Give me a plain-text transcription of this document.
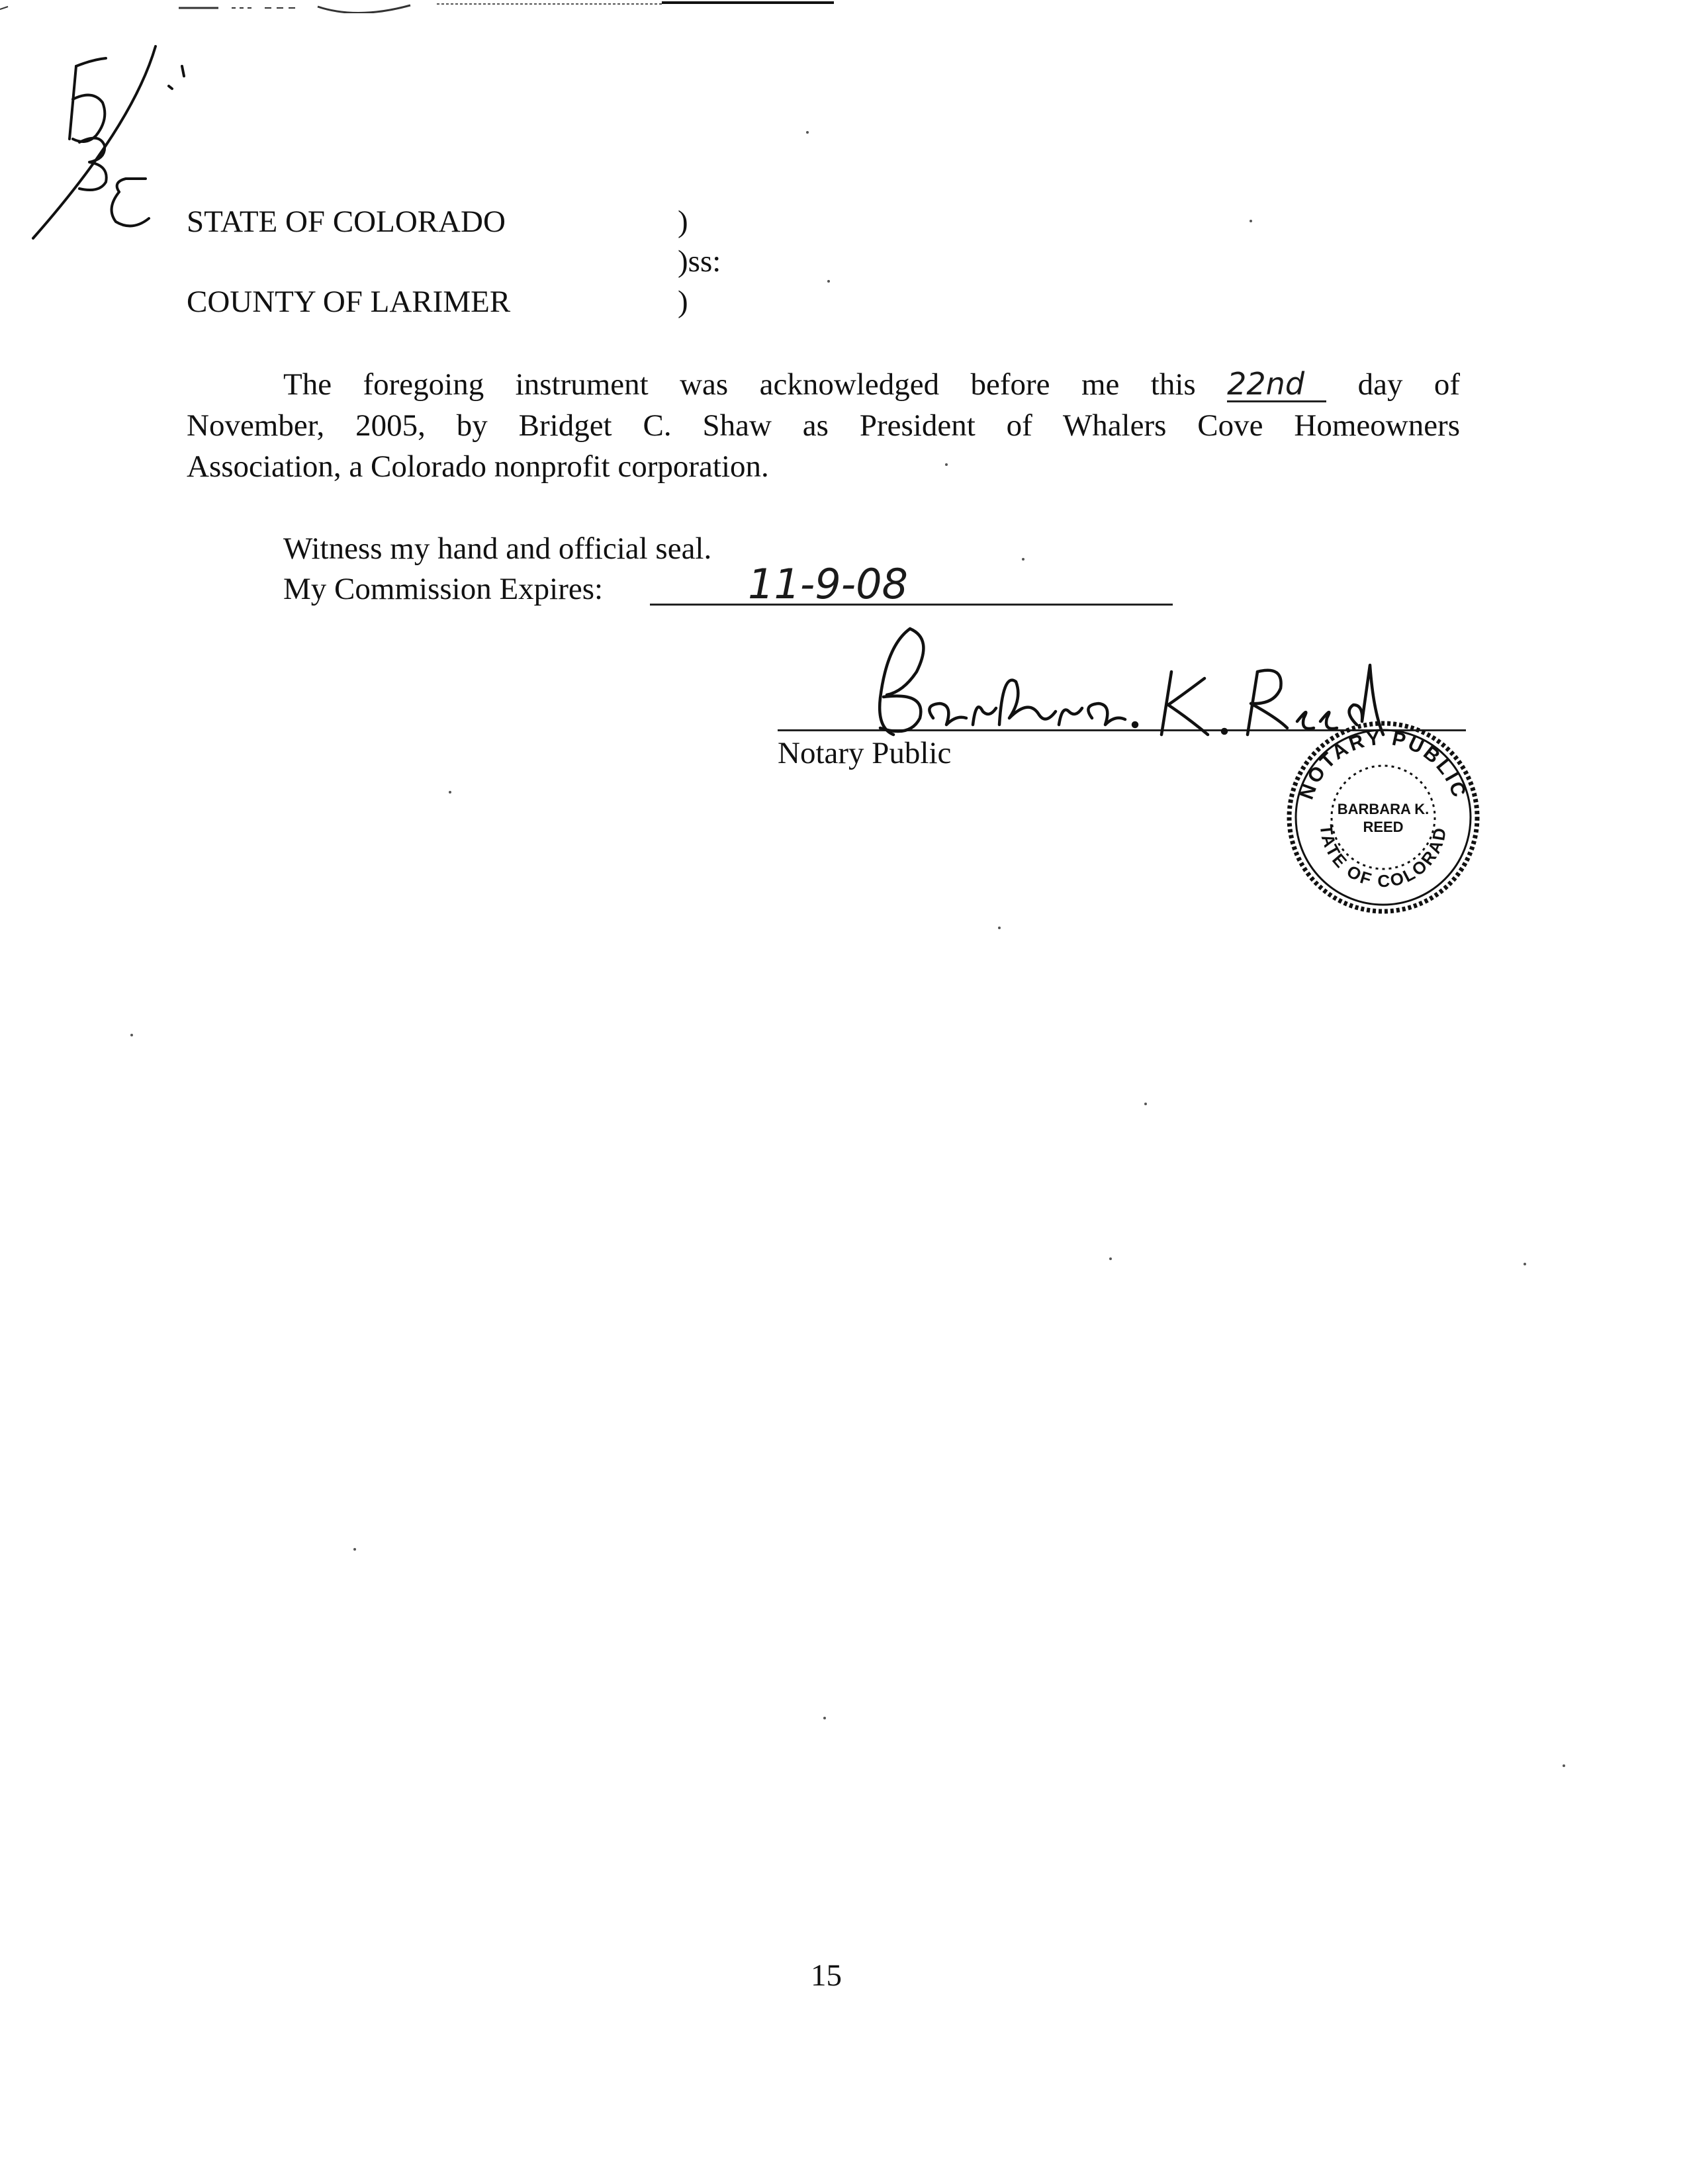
STATE OF COLORADO
COUNTY OF LARIMER
)
)ss:
)
The foregoing instrument was acknowledged before me this 22nd day of
November, 2005, by Bridget C. Shaw as President of Whalers Cove Homeowners
Association, a Colorado nonprofit corporation.
Witness my hand and official seal.
My Commission Expires:	11-9-08
Notary Public
NOTARY PUBLIC
BARBARA K.
REED
TATE OF COLORAD
15
